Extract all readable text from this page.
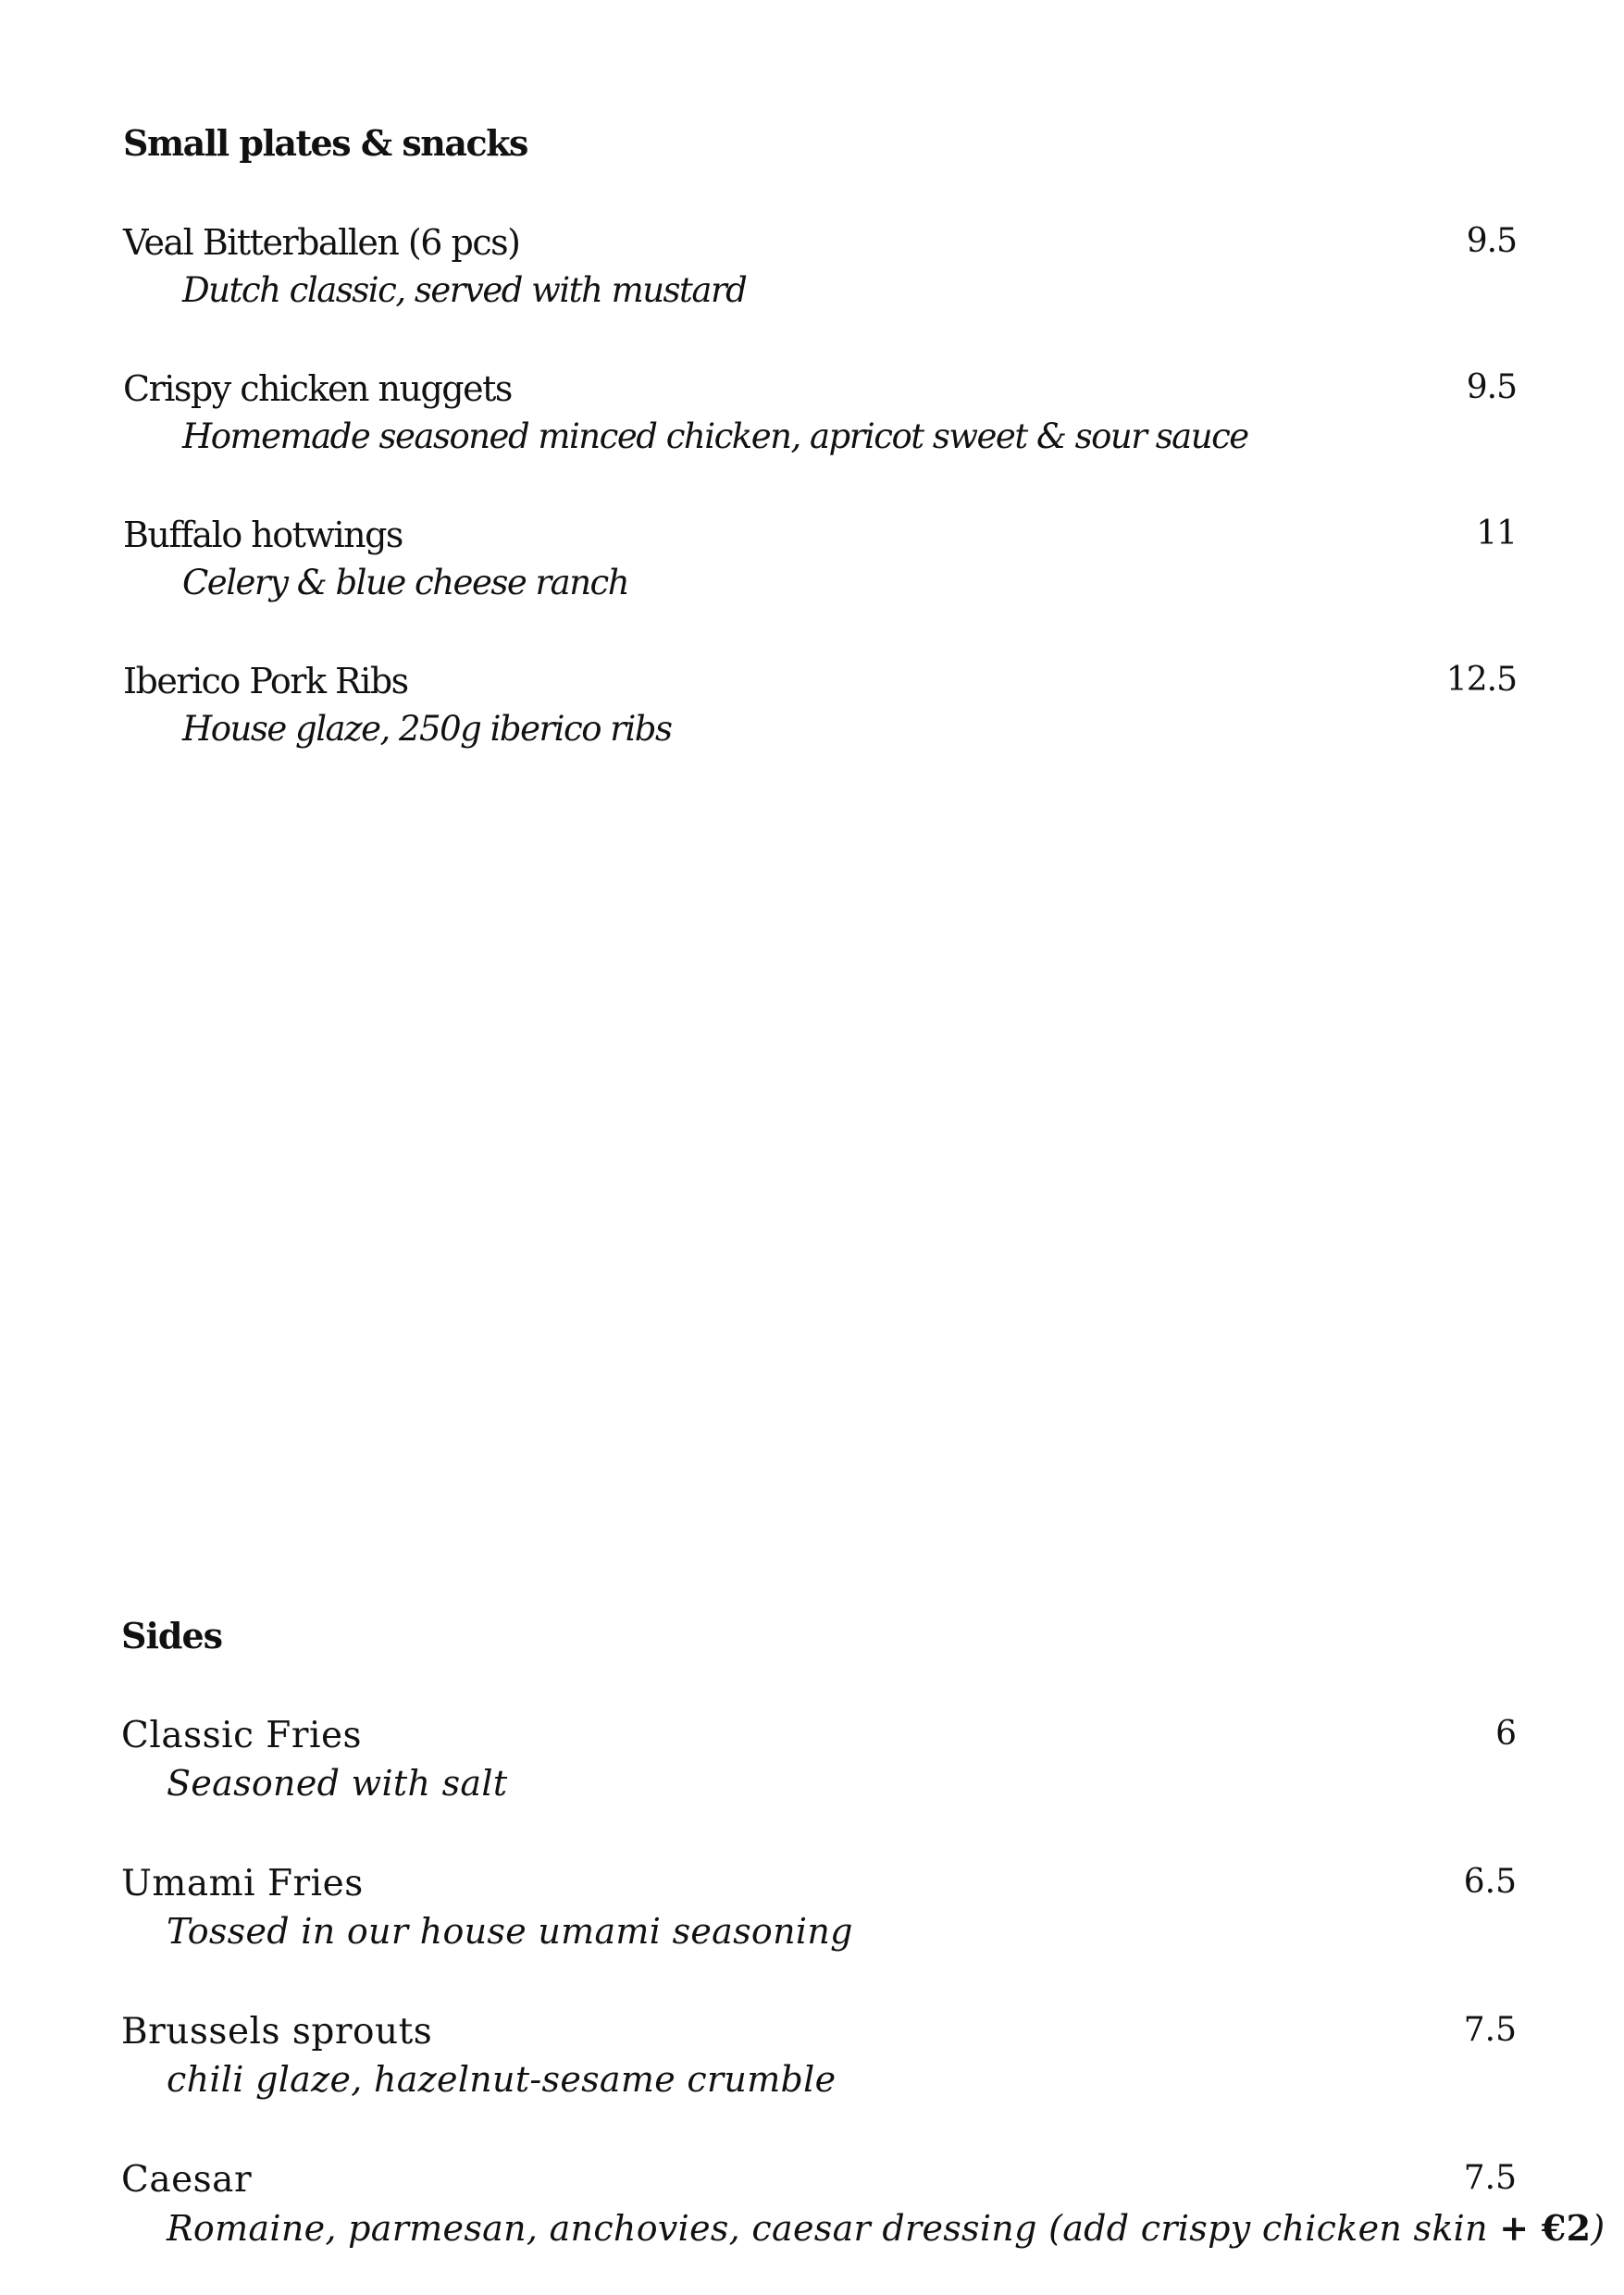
Small plates & snacks
Veal Bitterballen (6 pcs)
Dutch classic, served with mustard
9.5
Crispy chicken nuggets
Homemade seasoned minced chicken, apricot sweet & sour sauce
9.5
Buffalo hotwings
Celery & blue cheese ranch
11
Iberico Pork Ribs
House glaze, 250g iberico ribs
12.5
Sides
Classic Fries
Seasoned with salt
6
Umami Fries
Tossed in our house umami seasoning
6.5
Brussels sprouts
chili glaze, hazelnut-sesame crumble
7.5
Caesar
Romaine, parmesan, anchovies, caesar dressing (add crispy chicken skin + €2)
7.5
